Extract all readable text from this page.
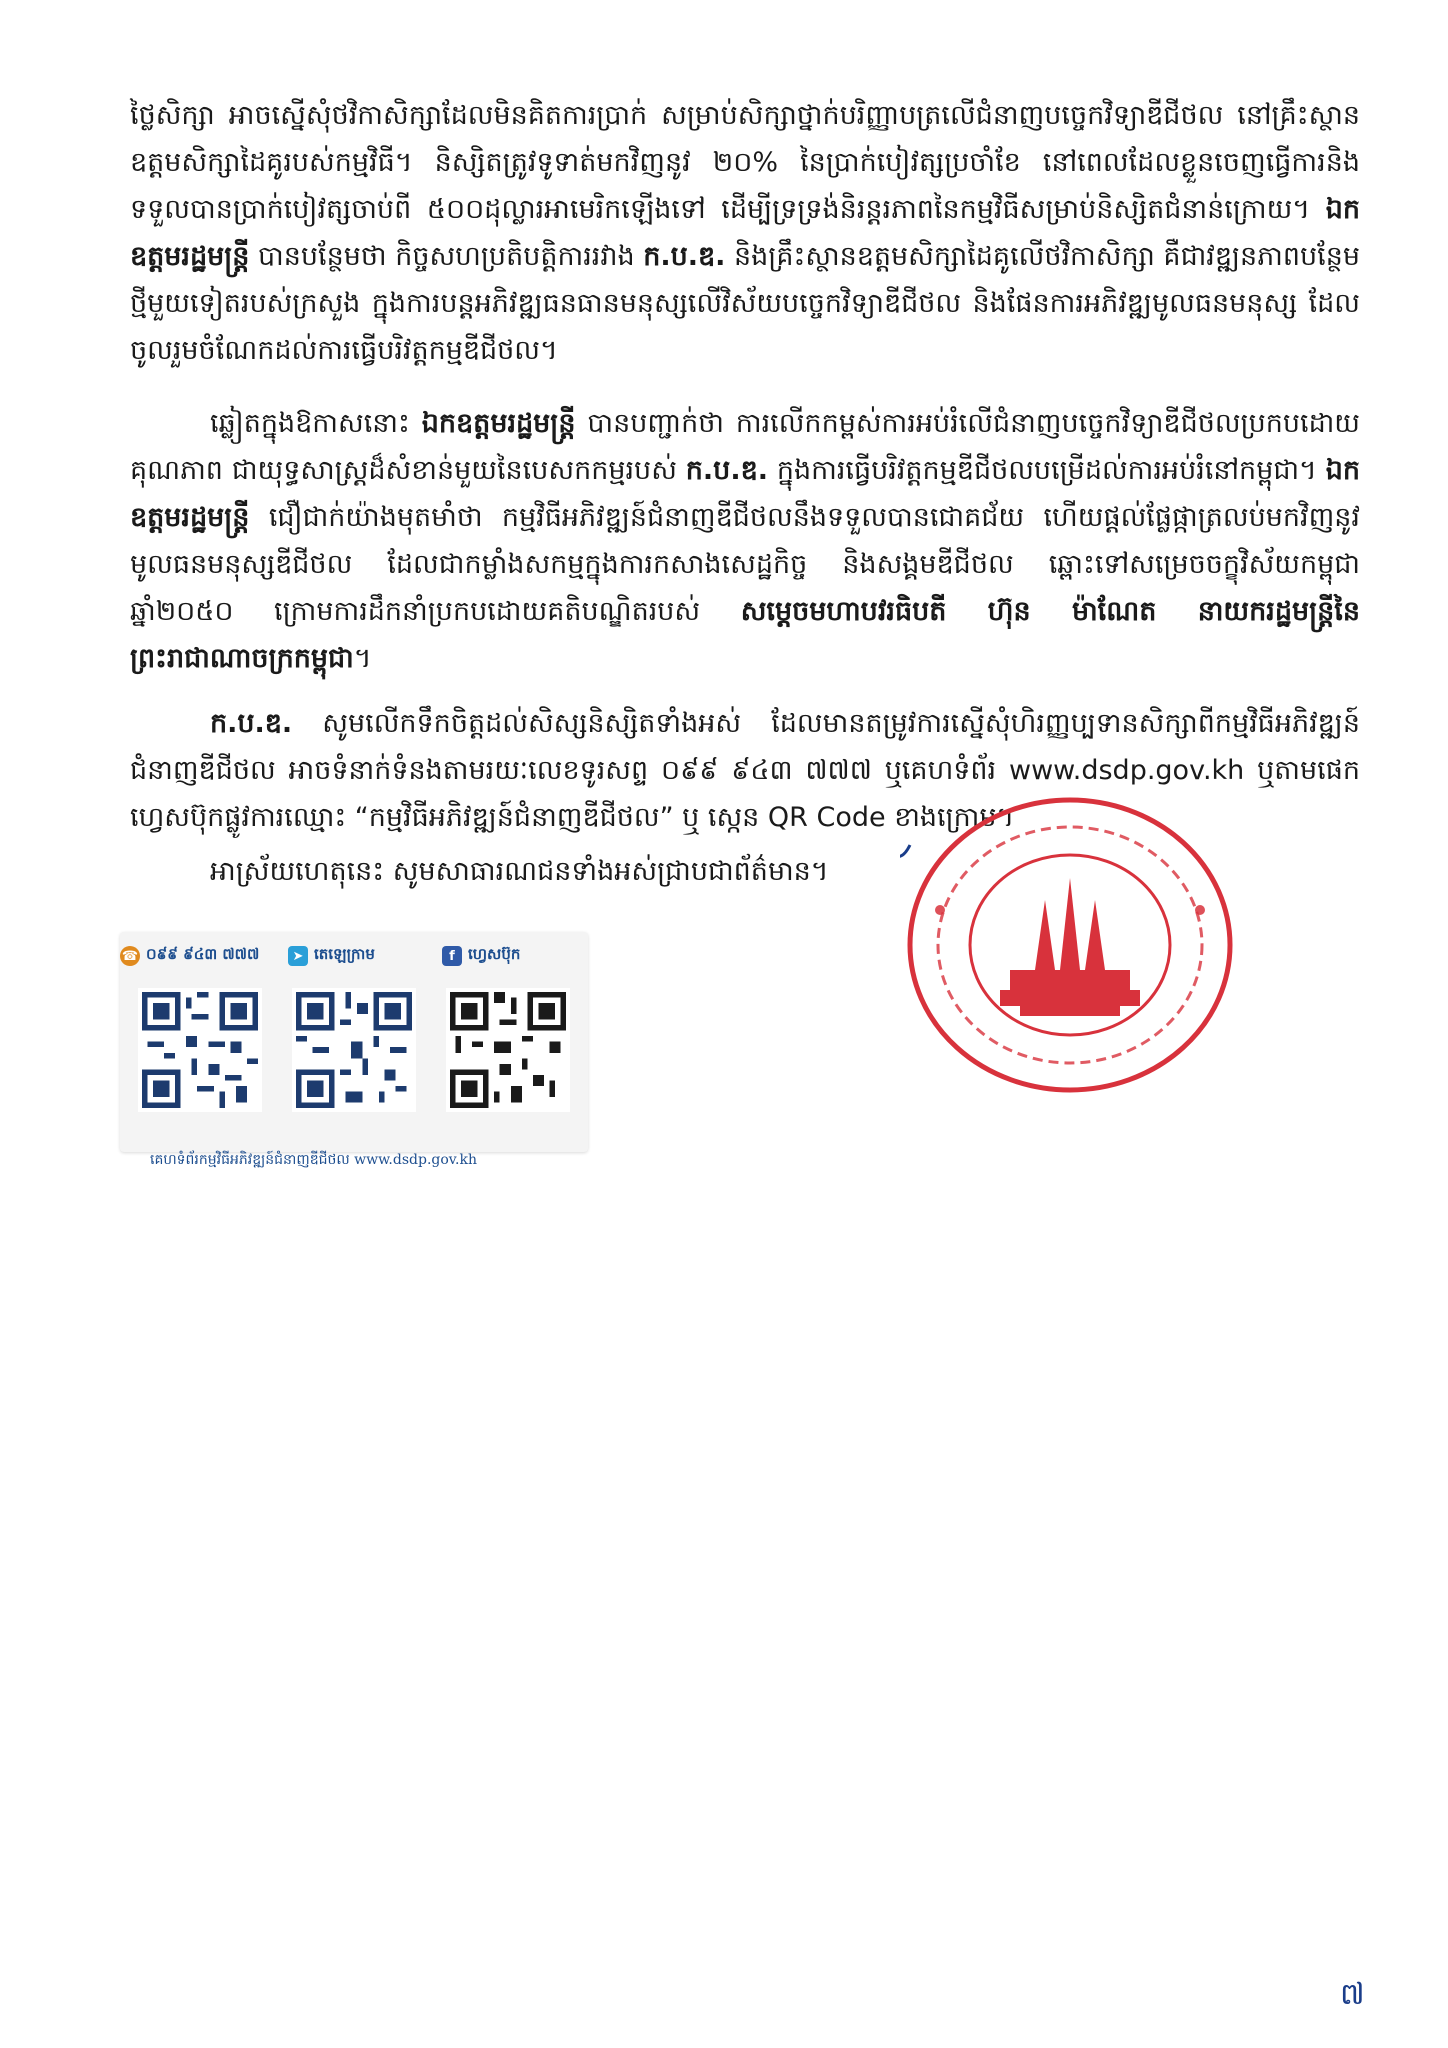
ថ្លៃសិក្សា អាចស្នើសុំថវិកាសិក្សាដែលមិនគិតការប្រាក់ សម្រាប់សិក្សាថ្នាក់បរិញ្ញាបត្រលើជំនាញបច្ចេកវិទ្យាឌីជីថល នៅគ្រឹះស្ថានឧត្តមសិក្សាដៃគូរបស់កម្មវិធី។ និស្សិតត្រូវទូទាត់មកវិញនូវ ២០% នៃប្រាក់បៀវត្សប្រចាំខែ នៅពេលដែលខ្លួនចេញធ្វើការនិងទទួលបានប្រាក់បៀវត្សចាប់ពី ៥០០ដុល្លារអាមេរិកឡើងទៅ ដើម្បីទ្រទ្រង់និរន្តរភាពនៃកម្មវិធីសម្រាប់និស្សិតជំនាន់ក្រោយ។ ឯកឧត្តមរដ្ឋមន្ត្រី បានបន្ថែមថា កិច្ចសហប្រតិបត្តិការរវាង ក.ប.ឌ. និងគ្រឹះស្ថានឧត្តមសិក្សាដៃគូលើថវិកាសិក្សា គឺជាវឌ្ឍនភាពបន្ថែមថ្មីមួយទៀតរបស់ក្រសួង ក្នុងការបន្តអភិវឌ្ឍធនធានមនុស្សលើវិស័យបច្ចេកវិទ្យាឌីជីថល និងផែនការអភិវឌ្ឍមូលធនមនុស្ស ដែលចូលរួមចំណែកដល់ការធ្វើបរិវត្តកម្មឌីជីថល។

ឆ្លៀតក្នុងឱកាសនោះ ឯកឧត្តមរដ្ឋមន្ត្រី បានបញ្ជាក់ថា ការលើកកម្ពស់ការអប់រំលើជំនាញបច្ចេកវិទ្យាឌីជីថលប្រកបដោយគុណភាព ជាយុទ្ធសាស្ត្រដ៏សំខាន់មួយនៃបេសកកម្មរបស់ ក.ប.ឌ. ក្នុងការធ្វើបរិវត្តកម្មឌីជីថលបម្រើដល់ការអប់រំនៅកម្ពុជា។ ឯកឧត្តមរដ្ឋមន្ត្រី ជឿជាក់យ៉ាងមុតមាំថា កម្មវិធីអភិវឌ្ឍន៍ជំនាញឌីជីថលនឹងទទួលបានជោគជ័យ ហើយផ្តល់ផ្លែផ្កាត្រលប់មកវិញនូវមូលធនមនុស្សឌីជីថល ដែលជាកម្លាំងសកម្មក្នុងការកសាងសេដ្ឋកិច្ច និងសង្គមឌីជីថល ឆ្ពោះទៅសម្រេចចក្ខុវិស័យកម្ពុជាឆ្នាំ២០៥០ ក្រោមការដឹកនាំប្រកបដោយគតិបណ្ឌិតរបស់ សម្តេចមហាបវរធិបតី ហ៊ុន ម៉ាណែត នាយករដ្ឋមន្ត្រីនៃព្រះរាជាណាចក្រកម្ពុជា។

ក.ប.ឌ. សូមលើកទឹកចិត្តដល់សិស្សនិស្សិតទាំងអស់ ដែលមានតម្រូវការស្នើសុំហិរញ្ញប្បទានសិក្សាពីកម្មវិធីអភិវឌ្ឍន៍ជំនាញឌីជីថល អាចទំនាក់ទំនងតាមរយៈលេខទូរសព្ទ ០៩៩ ៩៤៣ ៧៧៧ ឬគេហទំព័រ www.dsdp.gov.kh ឬតាមផេកហ្វេសប៊ុកផ្លូវការឈ្មោះ “កម្មវិធីអភិវឌ្ឍន៍ជំនាញឌីជីថល” ឬ ស្កេន QR Code ខាងក្រោម។

អាស្រ័យហេតុនេះ សូមសាធារណជនទាំងអស់ជ្រាបជាព័ត៌មាន។

☎ ០៩៩ ៩៤៣ ៧៧៧	➤ តេឡេក្រាម	f ហ្វេសប៊ុក
គេហទំព័រកម្មវិធីអភិវឌ្ឍន៍ជំនាញឌីជីថល www.dsdp.gov.kh
៧
